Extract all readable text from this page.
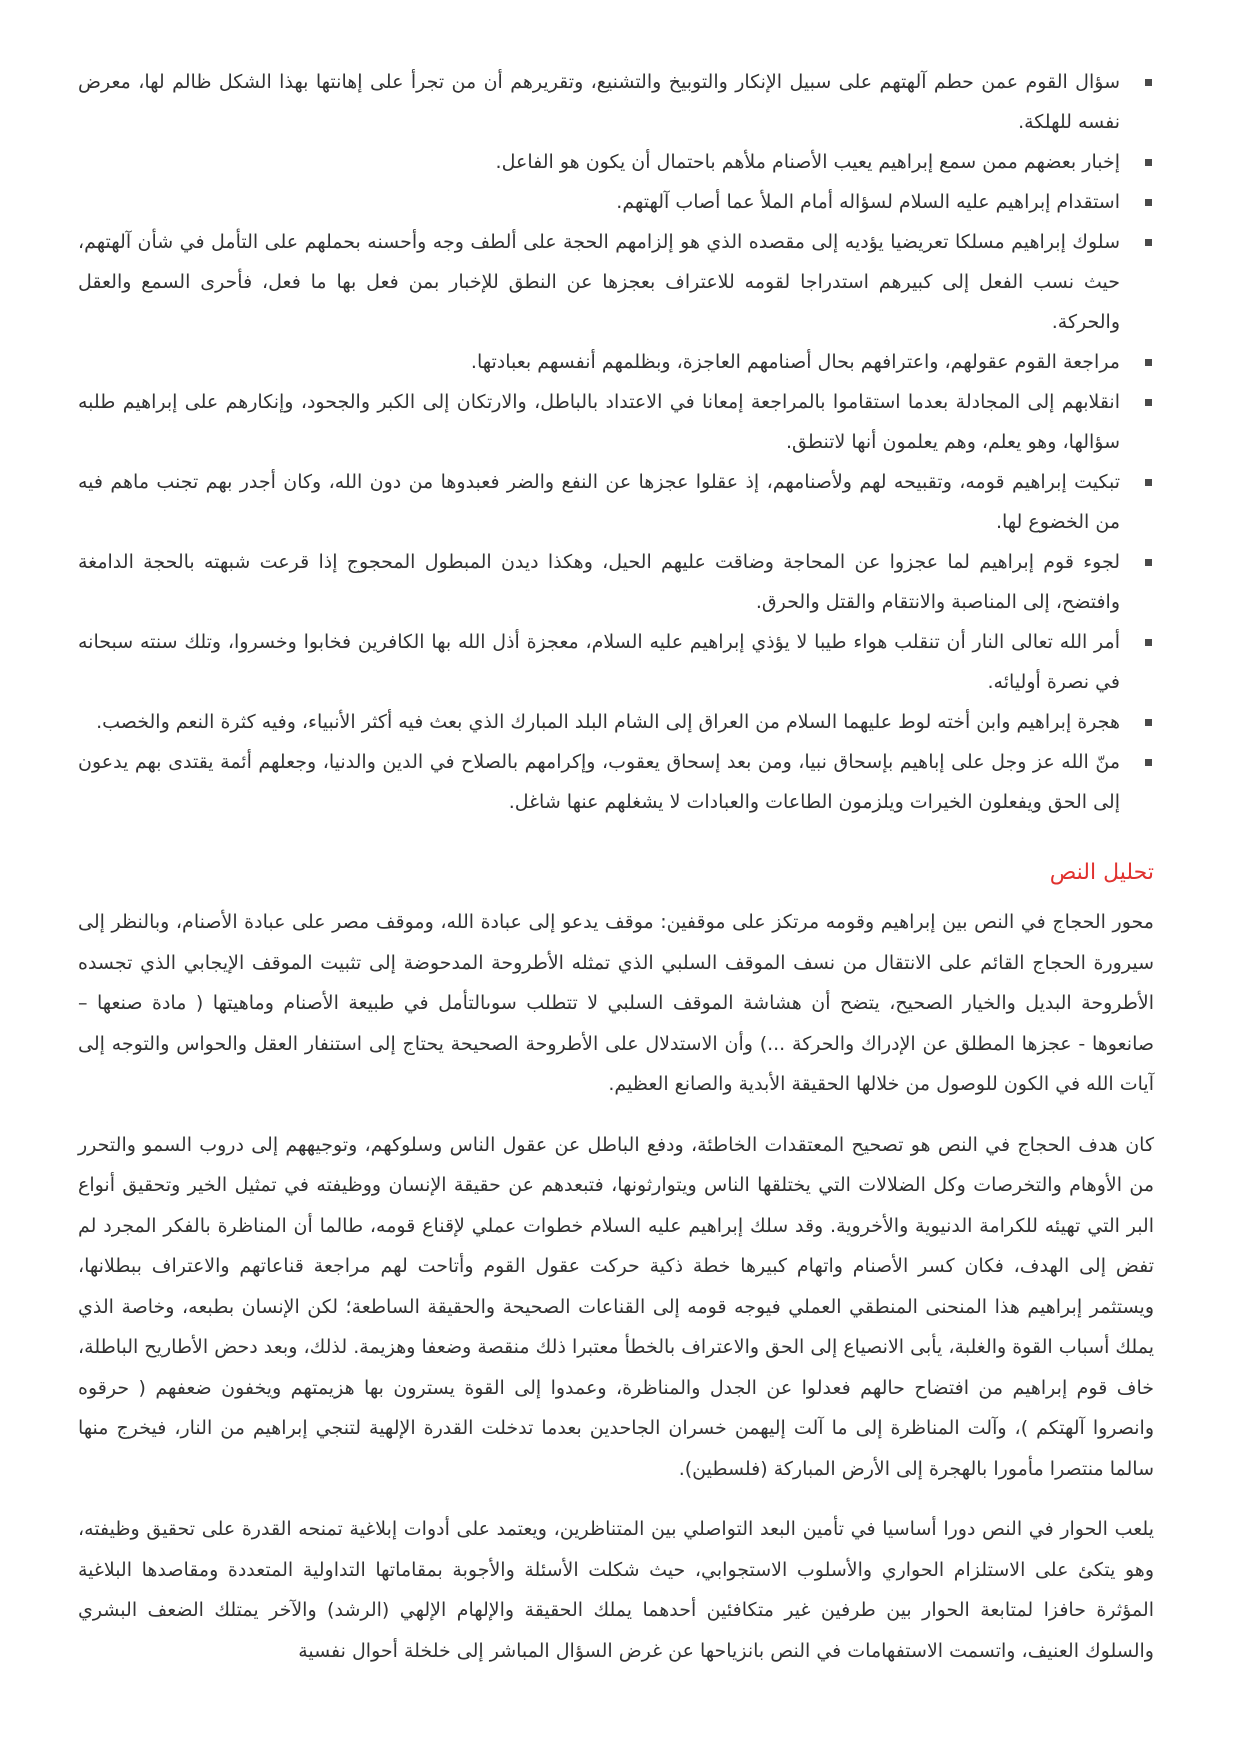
سؤال القوم عمن حطم آلهتهم على سبيل الإنكار والتوبيخ والتشنيع، وتقريرهم أن من تجرأ على إهانتها بهذا الشكل ظالم لها، معرض نفسه للهلكة.
إخبار بعضهم ممن سمع إبراهيم يعيب الأصنام ملأهم باحتمال أن يكون هو الفاعل.
استقدام إبراهيم عليه السلام لسؤاله أمام الملأ عما أصاب آلهتهم.
سلوك إبراهيم مسلكا تعريضيا يؤديه إلى مقصده الذي هو إلزامهم الحجة على ألطف وجه وأحسنه بحملهم على التأمل في شأن آلهتهم، حيث نسب الفعل إلى كبيرهم استدراجا لقومه للاعتراف بعجزها عن النطق للإخبار بمن فعل بها ما فعل، فأحرى السمع والعقل والحركة.
مراجعة القوم عقولهم، واعترافهم بحال أصنامهم العاجزة، وبظلمهم أنفسهم بعبادتها.
انقلابهم إلى المجادلة بعدما استقاموا بالمراجعة إمعانا في الاعتداد بالباطل، والارتكان إلى الكبر والجحود، وإنكارهم على إبراهيم طلبه سؤالها، وهو يعلم، وهم يعلمون أنها لاتنطق.
تبكيت إبراهيم قومه، وتقبيحه لهم ولأصنامهم، إذ عقلوا عجزها عن النفع والضر فعبدوها من دون الله، وكان أجدر بهم تجنب ماهم فيه من الخضوع لها.
لجوء قوم إبراهيم لما عجزوا عن المحاجة وضاقت عليهم الحيل، وهكذا ديدن المبطول المحجوج إذا قرعت شبهته بالحجة الدامغة وافتضح، إلى المناصبة والانتقام والقتل والحرق.
أمر الله تعالى النار أن تنقلب هواء طيبا لا يؤذي إبراهيم عليه السلام، معجزة أذل الله بها الكافرين فخابوا وخسروا، وتلك سنته سبحانه في نصرة أوليائه.
هجرة إبراهيم وابن أخته لوط عليهما السلام من العراق إلى الشام البلد المبارك الذي بعث فيه أكثر الأنبياء، وفيه كثرة النعم والخصب.
منّ الله عز وجل على إباهيم بإسحاق نبيا، ومن بعد إسحاق يعقوب، وإكرامهم بالصلاح في الدين والدنيا، وجعلهم أئمة يقتدى بهم يدعون إلى الحق ويفعلون الخيرات ويلزمون الطاعات والعبادات لا يشغلهم عنها شاغل.
تحليل النص

محور الحجاج في النص بين إبراهيم وقومه مرتكز على موقفين: موقف يدعو إلى عبادة الله، وموقف مصر على عبادة الأصنام، وبالنظر إلى سيرورة الحجاج القائم على الانتقال من نسف الموقف السلبي الذي تمثله الأطروحة المدحوضة إلى تثبيت الموقف الإيجابي الذي تجسده الأطروحة البديل والخيار الصحيح، يتضح أن هشاشة الموقف السلبي لا تتطلب سوىالتأمل في طبيعة الأصنام وماهيتها ( مادة صنعها – صانعوها - عجزها المطلق عن الإدراك والحركة ...) وأن الاستدلال على الأطروحة الصحيحة يحتاج إلى استنفار العقل والحواس والتوجه إلى آيات الله في الكون للوصول من خلالها الحقيقة الأبدية والصانع العظيم.

كان هدف الحجاج في النص هو تصحيح المعتقدات الخاطئة، ودفع الباطل عن عقول الناس وسلوكهم، وتوجيههم إلى دروب السمو والتحرر من الأوهام والتخرصات وكل الضلالات التي يختلقها الناس ويتوارثونها، فتبعدهم عن حقيقة الإنسان ووظيفته في تمثيل الخير وتحقيق أنواع البر التي تهيئه للكرامة الدنيوية والأخروية. وقد سلك إبراهيم عليه السلام خطوات عملي لإقناع قومه، طالما أن المناظرة بالفكر المجرد لم تفض إلى الهدف، فكان كسر الأصنام واتهام كبيرها خطة ذكية حركت عقول القوم وأتاحت لهم مراجعة قناعاتهم والاعتراف ببطلانها، ويستثمر إبراهيم هذا المنحنى المنطقي العملي فيوجه قومه إلى القناعات الصحيحة والحقيقة الساطعة؛ لكن الإنسان بطبعه، وخاصة الذي يملك أسباب القوة والغلبة، يأبى الانصياع إلى الحق والاعتراف بالخطأ معتبرا ذلك منقصة وضعفا وهزيمة. لذلك، وبعد دحض الأطاريح الباطلة، خاف قوم إبراهيم من افتضاح حالهم فعدلوا عن الجدل والمناظرة، وعمدوا إلى القوة يسترون بها هزيمتهم ويخفون ضعفهم ( حرقوه وانصروا آلهتكم )، وآلت المناظرة إلى ما آلت إليهمن خسران الجاحدين بعدما تدخلت القدرة الإلهية لتنجي إبراهيم من النار، فيخرج منها سالما منتصرا مأمورا بالهجرة إلى الأرض المباركة (فلسطين).

يلعب الحوار في النص دورا أساسيا في تأمين البعد التواصلي بين المتناظرين، ويعتمد على أدوات إبلاغية تمنحه القدرة على تحقيق وظيفته، وهو يتكئ على الاستلزام الحواري والأسلوب الاستجوابي، حيث شكلت الأسئلة والأجوبة بمقاماتها التداولية المتعددة ومقاصدها البلاغية المؤثرة حافزا لمتابعة الحوار بين طرفين غير متكافئين أحدهما يملك الحقيقة والإلهام الإلهي (الرشد) والآخر يمتلك الضعف البشري والسلوك العنيف، واتسمت الاستفهامات في النص بانزياحها عن غرض السؤال المباشر إلى خلخلة أحوال نفسية
